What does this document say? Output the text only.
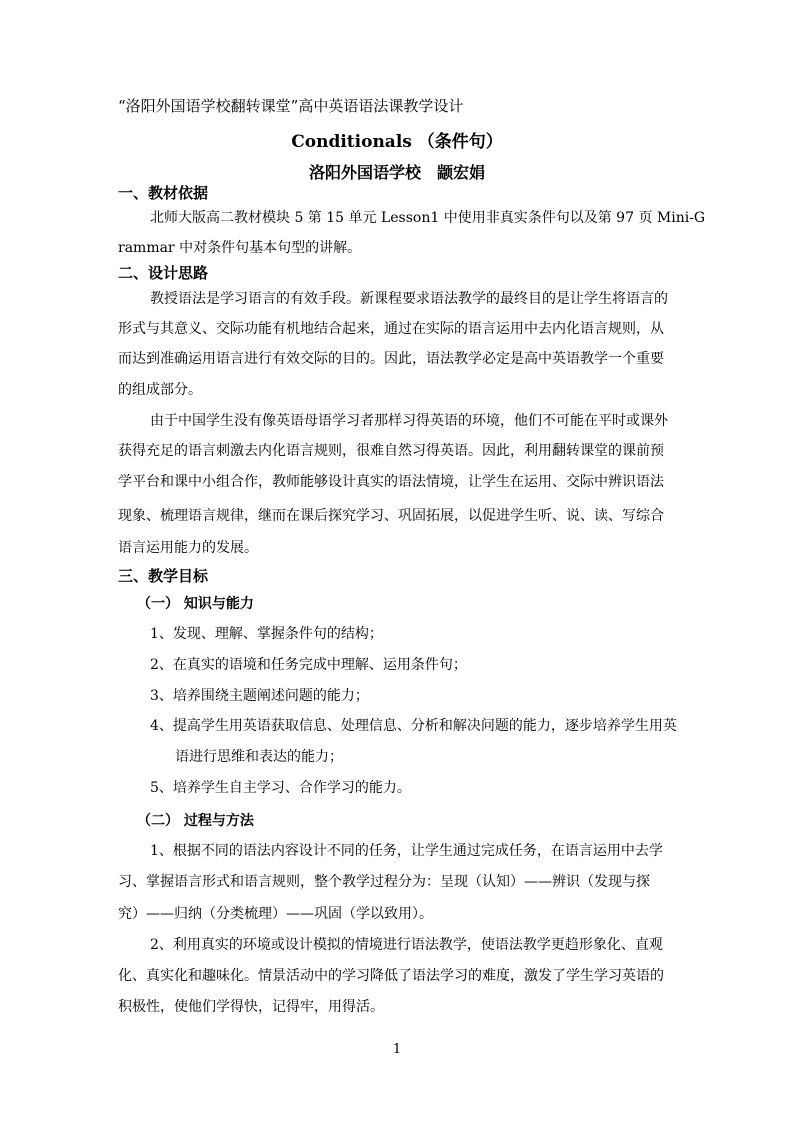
“洛阳外国语学校翻转课堂”高中英语语法课教学设计
Conditionals （条件句）
洛阳外国语学校　颛宏娟
一、教材依据
北师大版高二教材模块 5 第 15 单元 Lesson1 中使用非真实条件句以及第 97 页 Mini-G
rammar 中对条件句基本句型的讲解。
二、设计思路
教授语法是学习语言的有效手段。新课程要求语法教学的最终目的是让学生将语言的
形式与其意义、交际功能有机地结合起来，通过在实际的语言运用中去内化语言规则，从
而达到准确运用语言进行有效交际的目的。因此，语法教学必定是高中英语教学一个重要
的组成部分。
由于中国学生没有像英语母语学习者那样习得英语的环境，他们不可能在平时或课外
获得充足的语言刺激去内化语言规则，很难自然习得英语。因此，利用翻转课堂的课前预
学平台和课中小组合作，教师能够设计真实的语法情境，让学生在运用、交际中辨识语法
现象、梳理语言规律，继而在课后探究学习、巩固拓展，以促进学生听、说、读、写综合
语言运用能力的发展。
三、教学目标
（一） 知识与能力
1、发现、理解、掌握条件句的结构；
2、在真实的语境和任务完成中理解、运用条件句；
3、培养围绕主题阐述问题的能力；
4、提高学生用英语获取信息、处理信息、分析和解决问题的能力，逐步培养学生用英
语进行思维和表达的能力；
5、培养学生自主学习、合作学习的能力。
（二） 过程与方法
1、根据不同的语法内容设计不同的任务，让学生通过完成任务，在语言运用中去学
习、掌握语言形式和语言规则，整个教学过程分为：呈现（认知）——辨识（发现与探
究）——归纳（分类梳理）——巩固（学以致用）。
2、利用真实的环境或设计模拟的情境进行语法教学，使语法教学更趋形象化、直观
化、真实化和趣味化。情景活动中的学习降低了语法学习的难度，激发了学生学习英语的
积极性，使他们学得快，记得牢，用得活。
1
